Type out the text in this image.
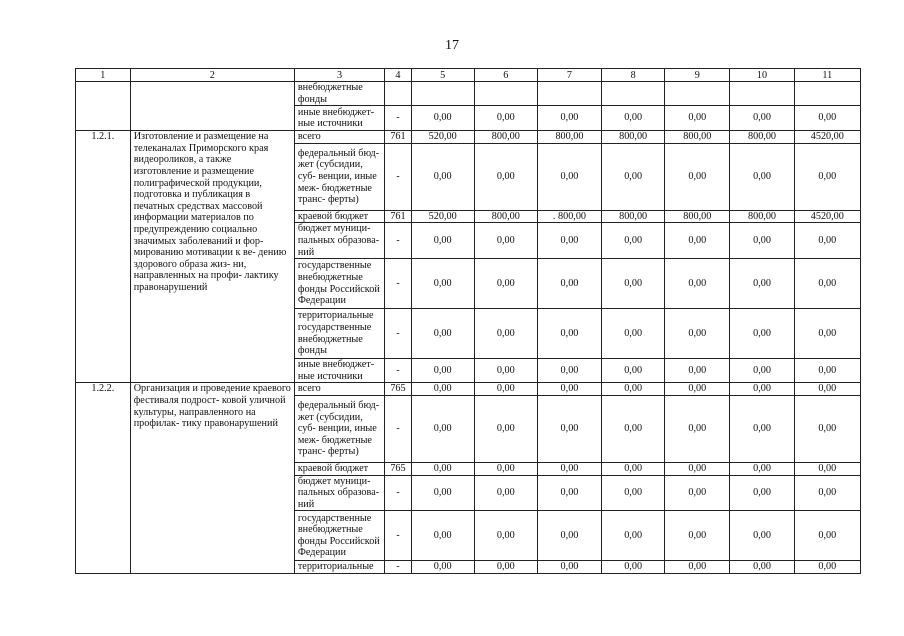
17
1	2	3	4	5	6	7	8	9	10	11
		внебюджетные фонды								
		иные внебюджет- ные источники	-	0,00	0,00	0,00	0,00	0,00	0,00	0,00
1.2.1.	Изготовление и размещение на телеканалах Приморского края видеороликов, а также изготовление и размещение полиграфической продукции, подготовка и публикация в печатных средствах массовой информации материалов по предупреждению социально значимых заболеваний и фор- мированию мотивации к ве- дению здорового образа жиз- ни, направленных на профи- лактику правонарушений	всего	761	520,00	800,00	800,00	800,00	800,00	800,00	4520,00
		федеральный бюд- жет (субсидии, суб- венции, иные меж- бюджетные транс- ферты)	-	0,00	0,00	0,00	0,00	0,00	0,00	0,00
		краевой бюджет	761	520,00	800,00	. 800,00	800,00	800,00	800,00	4520,00
		бюджет муници- пальных образова- ний	-	0,00	0,00	0,00	0,00	0,00	0,00	0,00
		государственные внебюджетные фонды Российской Федерации	-	0,00	0,00	0,00	0,00	0,00	0,00	0,00
		территориальные государственные внебюджетные фонды	-	0,00	0,00	0,00	0,00	0,00	0,00	0,00
		иные внебюджет- ные источники	-	0,00	0,00	0,00	0,00	0,00	0,00	0,00
1.2.2.	Организация и проведение краевого фестиваля подрост- ковой уличной культуры, направленного на профилак- тику правонарушений	всего	765	0,00	0,00	0,00	0,00	0,00	0,00	0,00
		федеральный бюд- жет (субсидии, суб- венции, иные меж- бюджетные транс- ферты)	-	0,00	0,00	0,00	0,00	0,00	0,00	0,00
		краевой бюджет	765	0,00	0,00	0,00	0,00	0,00	0,00	0,00
		бюджет муници- пальных образова- ний	-	0,00	0,00	0,00	0,00	0,00	0,00	0,00
		государственные внебюджетные фонды Российской Федерации	-	0,00	0,00	0,00	0,00	0,00	0,00	0,00
		территориальные	-	0,00	0,00	0,00	0,00	0,00	0,00	0,00
